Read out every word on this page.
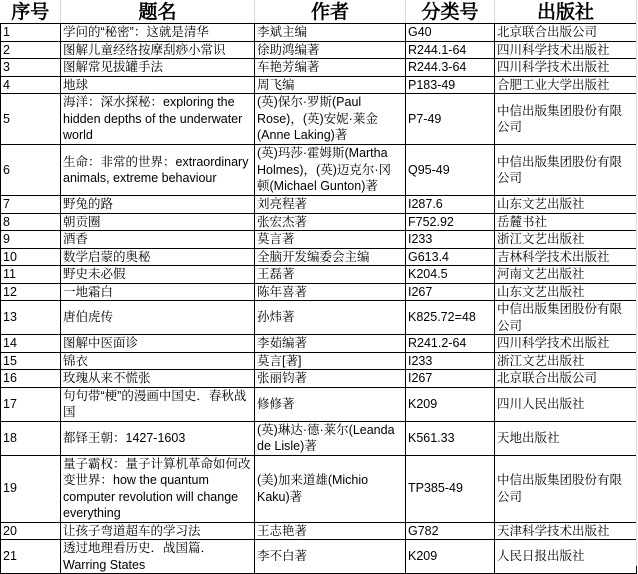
序号	题名	作者	分类号	出版社
1	学问的“秘密”：这就是清华	李斌主编	G40	北京联合出版公司
2	图解儿童经络按摩刮痧小常识	徐助鸿编著	R244.1-64	四川科学技术出版社
3	图解常见拔罐手法	车艳芳编著	R244.3-64	四川科学技术出版社
4	地球	周飞编	P183-49	合肥工业大学出版社
5	海洋：深水探秘：exploring the hidden depths of the underwater world	(英)保尔·罗斯(Paul Rose)，(英)安妮·莱金(Anne Laking)著	P7-49	中信出版集团股份有限公司
6	生命：非常的世界：extraordinary animals, extreme behaviour	(英)玛莎·霍姆斯(Martha Holmes)，(英)迈克尔·冈顿(Michael Gunton)著	Q95-49	中信出版集团股份有限公司
7	野兔的路	刘亮程著	I287.6	山东文艺出版社
8	朝贡圈	张宏杰著	F752.92	岳麓书社
9	酒香	莫言著	I233	浙江文艺出版社
10	数学启蒙的奥秘	全脑开发编委会主编	G613.4	吉林科学技术出版社
11	野史未必假	王磊著	K204.5	河南文艺出版社
12	一地霜白	陈年喜著	I267	山东文艺出版社
13	唐伯虎传	孙炜著	K825.72=48	中信出版集团股份有限公司
14	图解中医面诊	李茹编著	R241.2-64	四川科学技术出版社
15	锦衣	莫言[著]	I233	浙江文艺出版社
16	玫瑰从来不慌张	张丽钧著	I267	北京联合出版公司
17	句句带“梗”的漫画中国史．春秋战国	修修著	K209	四川人民出版社
18	都铎王朝：1427-1603	(英)琳达·德·莱尔(Leanda de Lisle)著	K561.33	天地出版社
19	量子霸权：量子计算机革命如何改变世界：how the quantum computer revolution will change everything	(美)加来道雄(Michio Kaku)著	TP385-49	中信出版集团股份有限公司
20	让孩子弯道超车的学习法	王志艳著	G782	天津科学技术出版社
21	透过地理看历史．战国篇．Warring States	李不白著	K209	人民日报出版社
